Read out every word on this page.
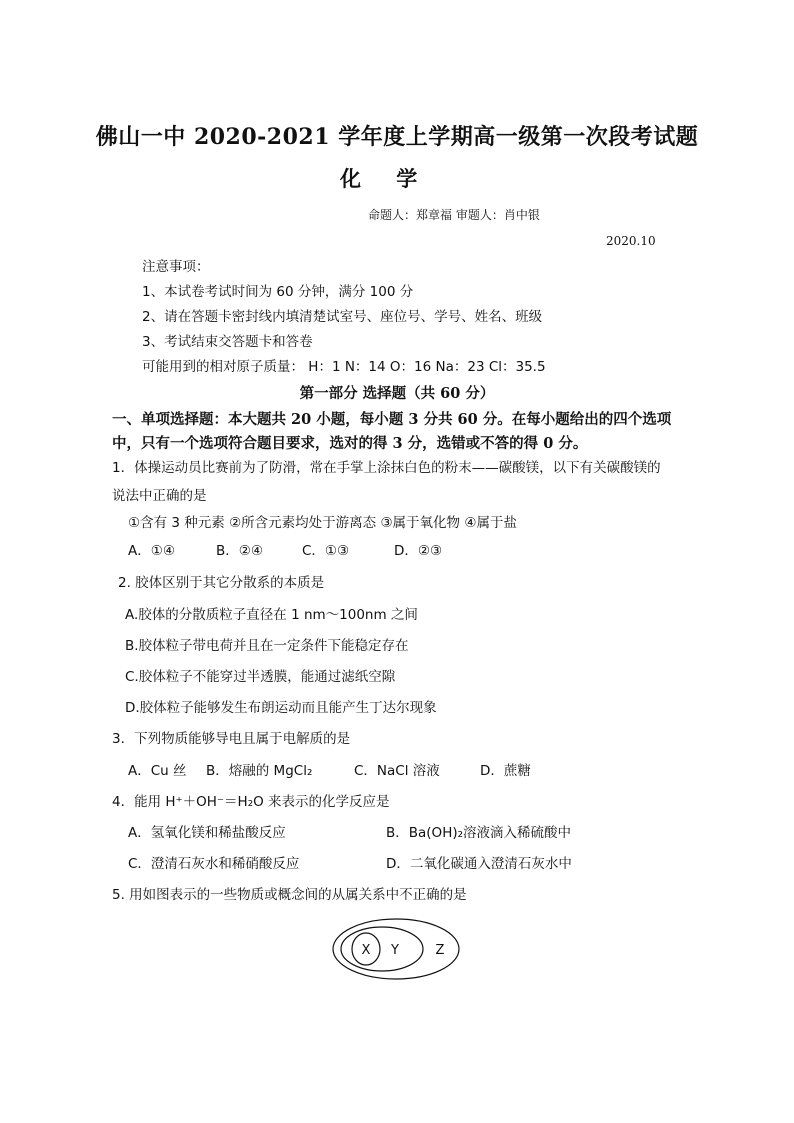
佛山一中 2020-2021 学年度上学期高一级第一次段考试题
化 学
命题人：郑章福 审题人：肖中银
2020.10
注意事项：
1、本试卷考试时间为 60 分钟，满分 100 分
2、请在答题卡密封线内填清楚试室号、座位号、学号、姓名、班级
3、考试结束交答题卡和答卷
可能用到的相对原子质量： H：1 N：14 O：16 Na：23 Cl：35.5
第一部分 选择题（共 60 分）
一、单项选择题：本大题共 20 小题，每小题 3 分共 60 分。在每小题给出的四个选项中，只有一个选项符合题目要求，选对的得 3 分，选错或不答的得 0 分。
1．体操运动员比赛前为了防滑，常在手掌上涂抹白色的粉末——碳酸镁，以下有关碳酸镁的
说法中正确的是
①含有 3 种元素 ②所含元素均处于游离态 ③属于氧化物 ④属于盐
A．①④	B．②④	C．①③	D．②③
2. 胶体区别于其它分散系的本质是
A.胶体的分散质粒子直径在 1 nm～100nm 之间
B.胶体粒子带电荷并且在一定条件下能稳定存在
C.胶体粒子不能穿过半透膜，能通过滤纸空隙
D.胶体粒子能够发生布朗运动而且能产生丁达尔现象
3．下列物质能够导电且属于电解质的是
A．Cu 丝 B．熔融的 MgCl₂	C．NaCl 溶液	D．蔗糖
4．能用 H⁺＋OH⁻＝H₂O 来表示的化学反应是
A．氢氧化镁和稀盐酸反应	B．Ba(OH)₂溶液滴入稀硫酸中
C．澄清石灰水和稀硝酸反应	D．二氧化碳通入澄清石灰水中
5. 用如图表示的一些物质或概念间的从属关系中不正确的是
X Y	Z
